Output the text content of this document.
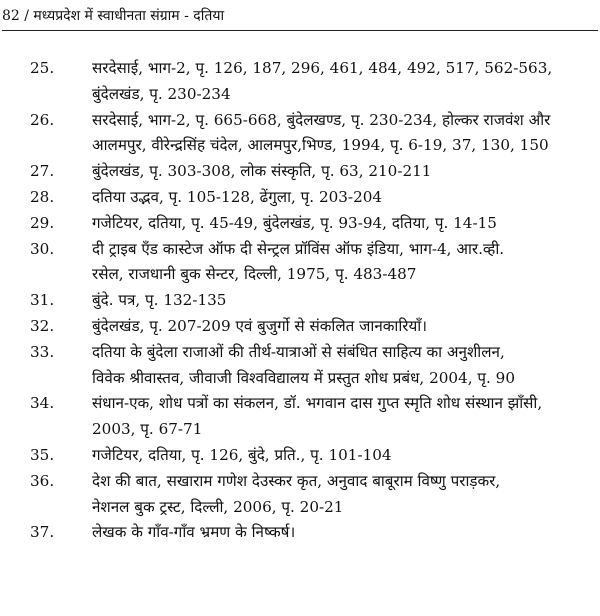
82 / मध्यप्रदेश में स्वाधीनता संग्राम - दतिया
25.	सरदेसाई, भाग-2, पृ. 126, 187, 296, 461, 484, 492, 517, 562-563,
बुंदेलखंड, पृ. 230-234
26.	सरदेसाई, भाग-2, पृ. 665-668, बुंदेलखण्ड, पृ. 230-234, होल्कर राजवंश और
आलमपुर, वीरेन्द्रसिंह चंदेल, आलमपुर,भिण्ड, 1994, पृ. 6-19, 37, 130, 150
27.	बुंदेलखंड, पृ. 303-308, लोक संस्कृति, पृ. 63, 210-211
28.	दतिया उद्भव, पृ. 105-128, ढेंगुला, पृ. 203-204
29.	गजेटियर, दतिया, पृ. 45-49, बुंदेलखंड, पृ. 93-94, दतिया, पृ. 14-15
30.	दी ट्राइब एँड कास्टेज ऑफ दी सेन्ट्रल प्रॉविंस ऑफ इंडिया, भाग-4, आर.व्ही.
रसेल, राजधानी बुक सेन्टर, दिल्ली, 1975, पृ. 483-487
31.	बुंदे. पत्र, पृ. 132-135
32.	बुंदेलखंड, पृ. 207-209 एवं बुजुर्गो से संकलित जानकारियाँ।
33.	दतिया के बुंदेला राजाओं की तीर्थ-यात्राओं से संबंधित साहित्य का अनुशीलन,
विवेक श्रीवास्तव, जीवाजी विश्वविद्यालय में प्रस्तुत शोध प्रबंध, 2004, पृ. 90
34.	संधान-एक, शोध पत्रों का संकलन, डॉ. भगवान दास गुप्त स्मृति शोध संस्थान झाँसी,
2003, पृ. 67-71
35.	गजेटियर, दतिया, पृ. 126, बुंदे, प्रति., पृ. 101-104
36.	देश की बात, सखाराम गणेश देउस्कर कृत, अनुवाद बाबूराम विष्णु पराड़कर,
नेशनल बुक ट्रस्ट, दिल्ली, 2006, पृ. 20-21
37.	लेखक के गाँव-गाँव भ्रमण के निष्कर्ष।
